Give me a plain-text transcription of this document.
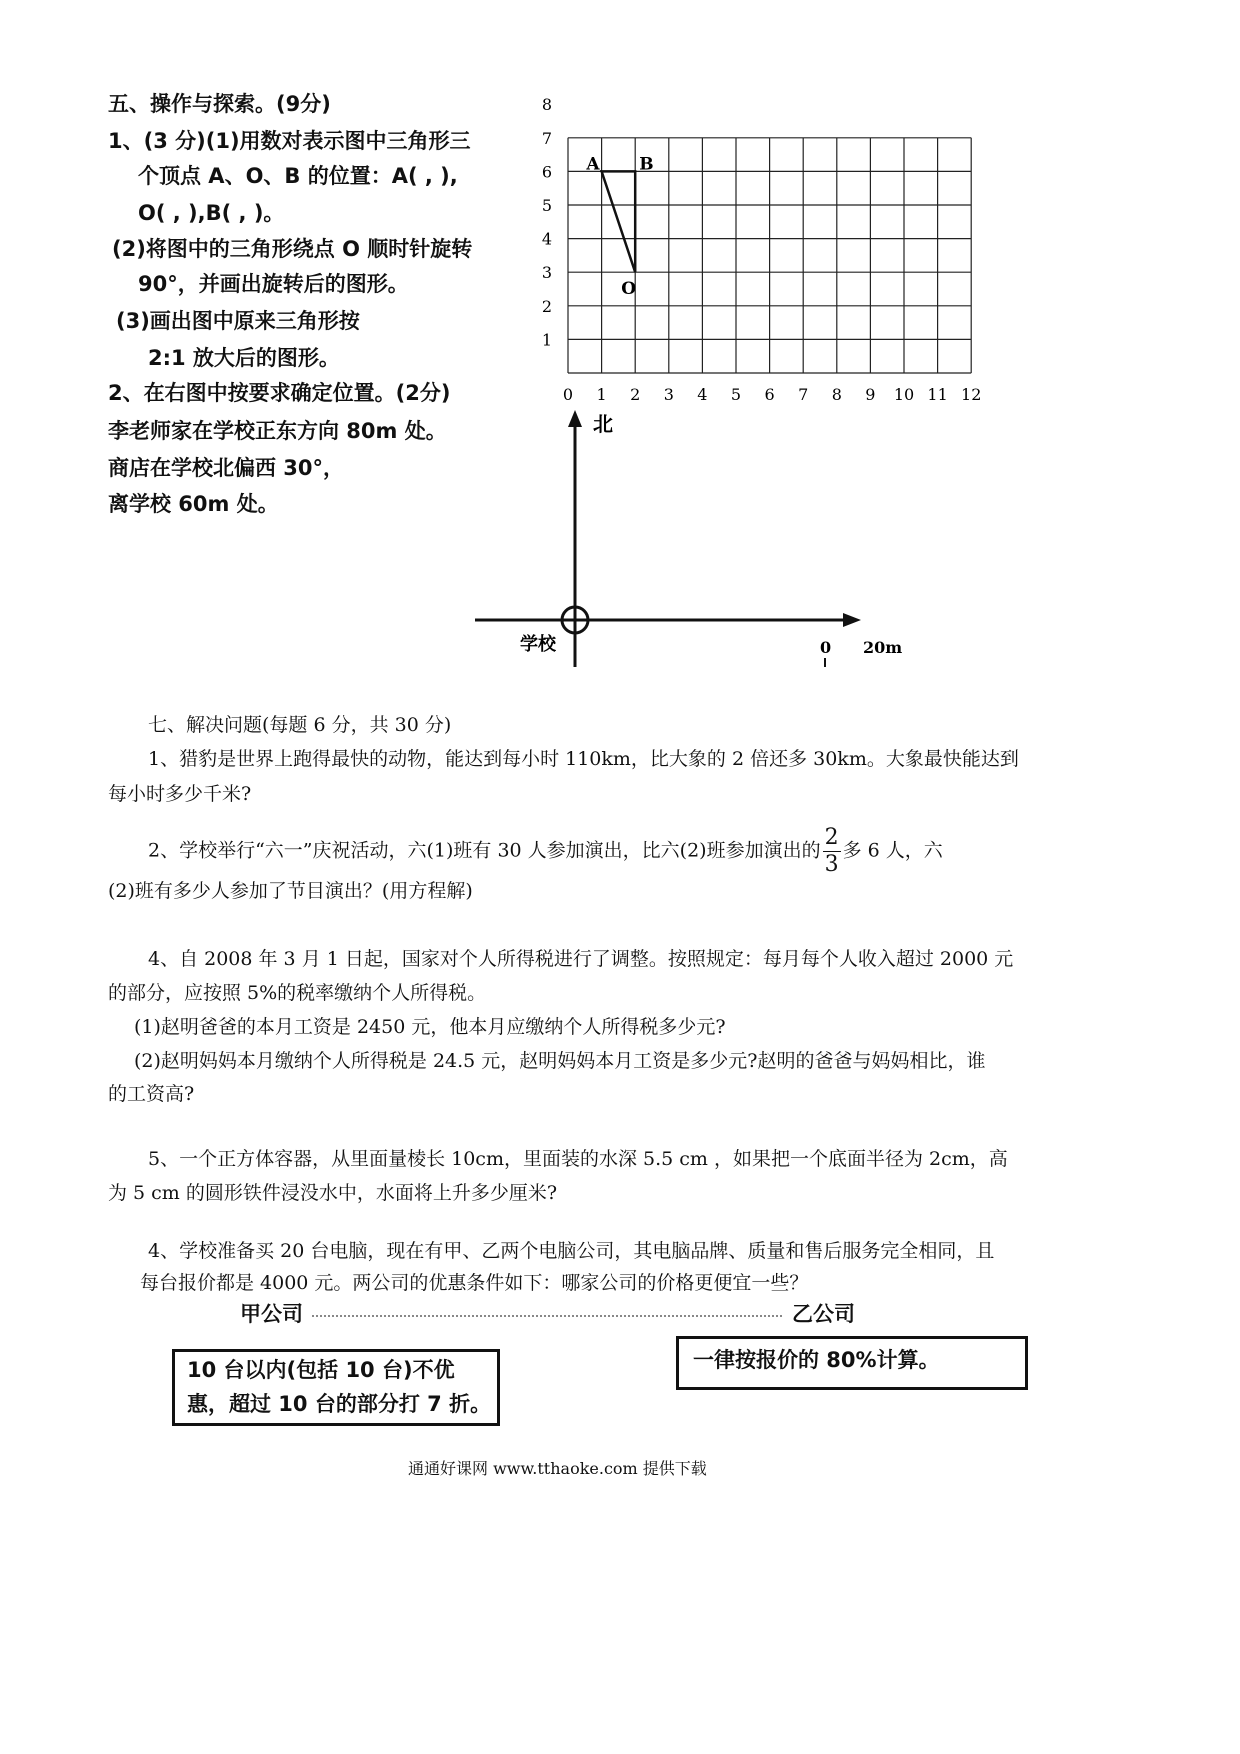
五、操作与探索。(9分)
1、(3 分)(1)用数对表示图中三角形三
个顶点 A、O、B 的位置：A( , ),
O( , ),B( , )。
(2)将图中的三角形绕点 O 顺时针旋转
90°，并画出旋转后的图形。
(3)画出图中原来三角形按
2:1 放大后的图形。
2、在右图中按要求确定位置。(2分)
李老师家在学校正东方向 80m 处。
商店在学校北偏西 30°，
离学校 60m 处。
0 1 2 3 4 5 6 7 8 9 10 11 12
1
2
3
4
5
6
7
8
A B
O
北
学校	0 20m
七、解决问题(每题 6 分，共 30 分)
1、猎豹是世界上跑得最快的动物，能达到每小时 110km，比大象的 2 倍还多 30km。大象最快能达到
每小时多少千米?
2、学校举行“六一”庆祝活动，六(1)班有 30 人参加演出，比六(2)班参加演出的 $\frac{2}{3}$ 多 6 人，六
(2)班有多少人参加了节目演出？(用方程解)
4、自 2008 年 3 月 1 日起，国家对个人所得税进行了调整。按照规定：每月每个人收入超过 2000 元
的部分，应按照 5%的税率缴纳个人所得税。
(1)赵明爸爸的本月工资是 2450 元，他本月应缴纳个人所得税多少元?
(2)赵明妈妈本月缴纳个人所得税是 24.5 元，赵明妈妈本月工资是多少元?赵明的爸爸与妈妈相比，谁
的工资高?
5、一个正方体容器，从里面量棱长 10cm，里面装的水深 5.5 cm ，如果把一个底面半径为 2cm，高
为 5 cm 的圆形铁件浸没水中，水面将上升多少厘米?
4、学校准备买 20 台电脑，现在有甲、乙两个电脑公司，其电脑品牌、质量和售后服务完全相同，且
每台报价都是 4000 元。两公司的优惠条件如下：哪家公司的价格更便宜一些？
甲公司	乙公司
10 台以内(包括 10 台)不优
惠，超过 10 台的部分打 7 折。
一律按报价的 80%计算。
通通好课网 www.tthaoke.com 提供下载
